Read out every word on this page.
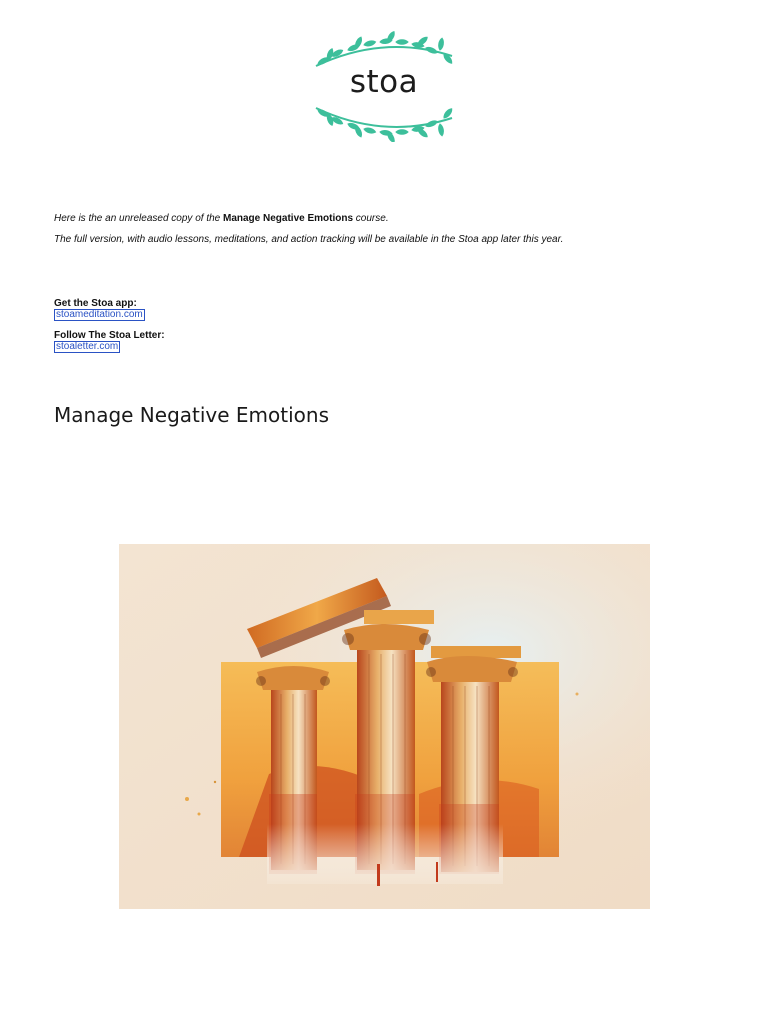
stoa

Here is the an unreleased copy of the Manage Negative Emotions course.

The full version, with audio lessons, meditations, and action tracking will be available in the Stoa app later this year.

Get the Stoa app:
stoameditation.com
Follow The Stoa Letter:
stoaletter.com
Manage Negative Emotions
